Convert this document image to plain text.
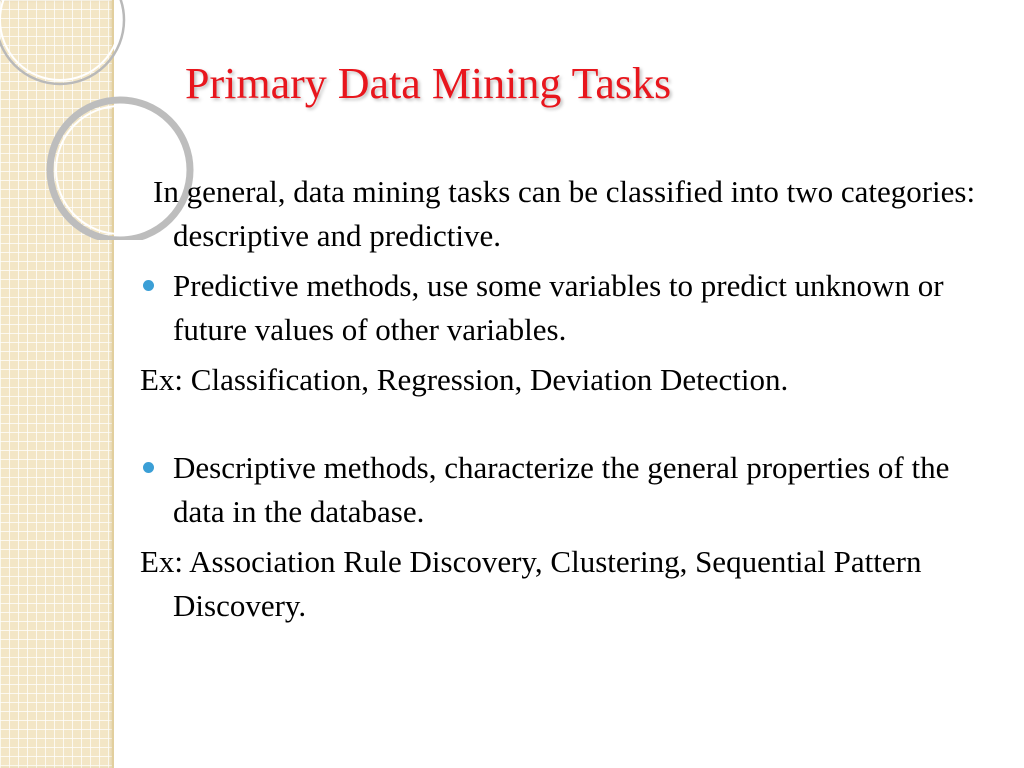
Primary Data Mining Tasks

In general, data mining tasks can be classified into two categories: descriptive and predictive.

Predictive methods, use some variables to predict unknown or future values of other variables.

Ex: Classification, Regression, Deviation Detection.

Descriptive methods, characterize the general properties of the data in the database.

Ex: Association Rule Discovery, Clustering, Sequential Pattern Discovery.
